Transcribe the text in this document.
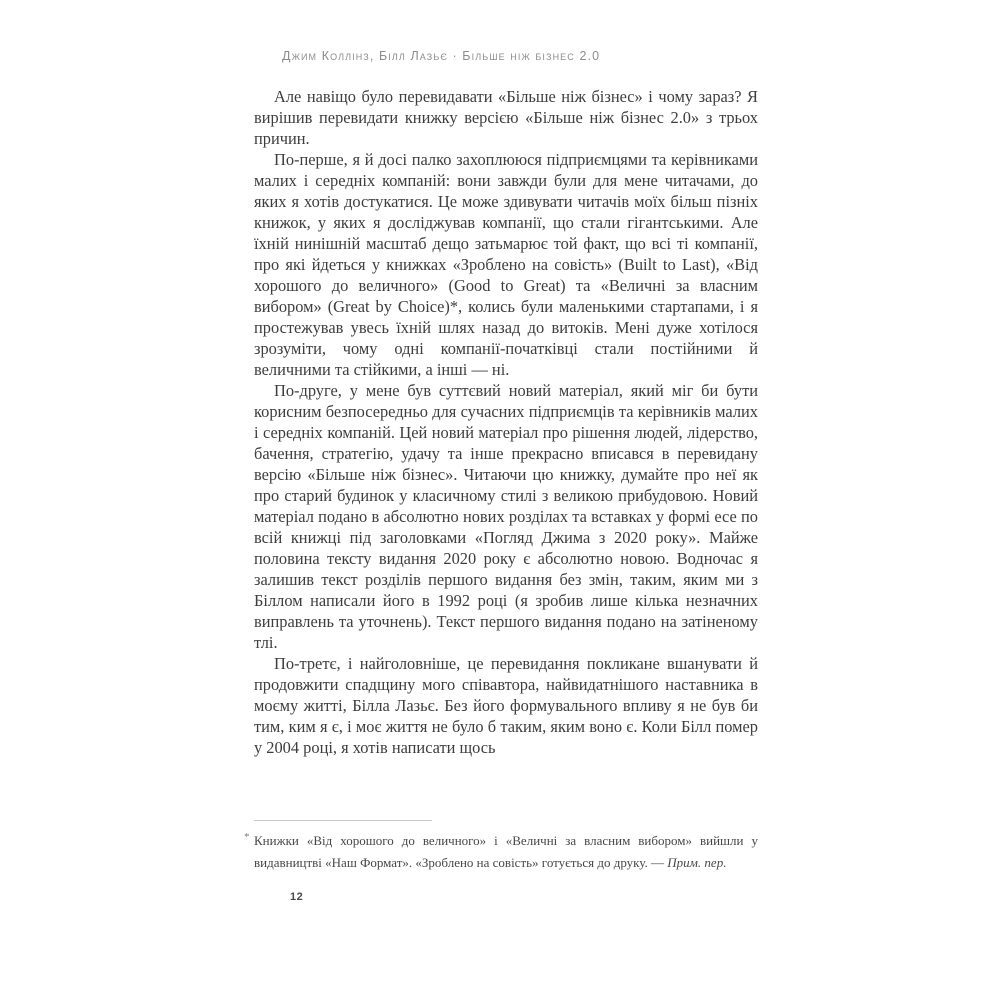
Джим Коллінз, Білл Лазьє · Більше ніж бізнес 2.0

Але навіщо було перевидавати «Більше ніж бізнес» і чому зараз? Я вирішив перевидати книжку версією «Більше ніж бізнес 2.0» з трьох причин.

По-перше, я й досі палко захоплююся підприємцями та керівниками малих і середніх компаній: вони завжди були для мене читачами, до яких я хотів достукатися. Це може здивувати читачів моїх більш пізніх книжок, у яких я досліджував компанії, що стали гігантськими. Але їхній нинішній масштаб дещо затьмарює той факт, що всі ті компанії, про які йдеться у книжках «Зроблено на совість» (Built to Last), «Від хорошого до величного» (Good to Great) та «Величні за власним вибором» (Great by Choice)*, колись були маленькими стартапами, і я простежував увесь їхній шлях назад до витоків. Мені дуже хотілося зрозуміти, чому одні компанії-початківці стали постійними й величними та стійкими, а інші — ні.

По-друге, у мене був суттєвий новий матеріал, який міг би бути корисним безпосередньо для сучасних підприємців та керівників малих і середніх компаній. Цей новий матеріал про рішення людей, лідерство, бачення, стратегію, удачу та інше прекрасно вписався в перевидану версію «Більше ніж бізнес». Читаючи цю книжку, думайте про неї як про старий будинок у класичному стилі з великою прибудовою. Новий матеріал подано в абсолютно нових розділах та вставках у формі есе по всій книжці під заголовками «Погляд Джима з 2020 року». Майже половина тексту видання 2020 року є абсолютно новою. Водночас я залишив текст розділів першого видання без змін, таким, яким ми з Біллом написали його в 1992 році (я зробив лише кілька незначних виправлень та уточнень). Текст першого видання подано на затіненому тлі.

По-третє, і найголовніше, це перевидання покликане вшанувати й продовжити спадщину мого співавтора, найвидатнішого наставника в моєму житті, Білла Лазьє. Без його формувального впливу я не був би тим, ким я є, і моє життя не було б таким, яким воно є. Коли Білл помер у 2004 році, я хотів написати щось

* Книжки «Від хорошого до величного» і «Величні за власним вибором» вийшли у видавництві «Наш Формат». «Зроблено на совість» готується до друку. — Прим. пер.

12
